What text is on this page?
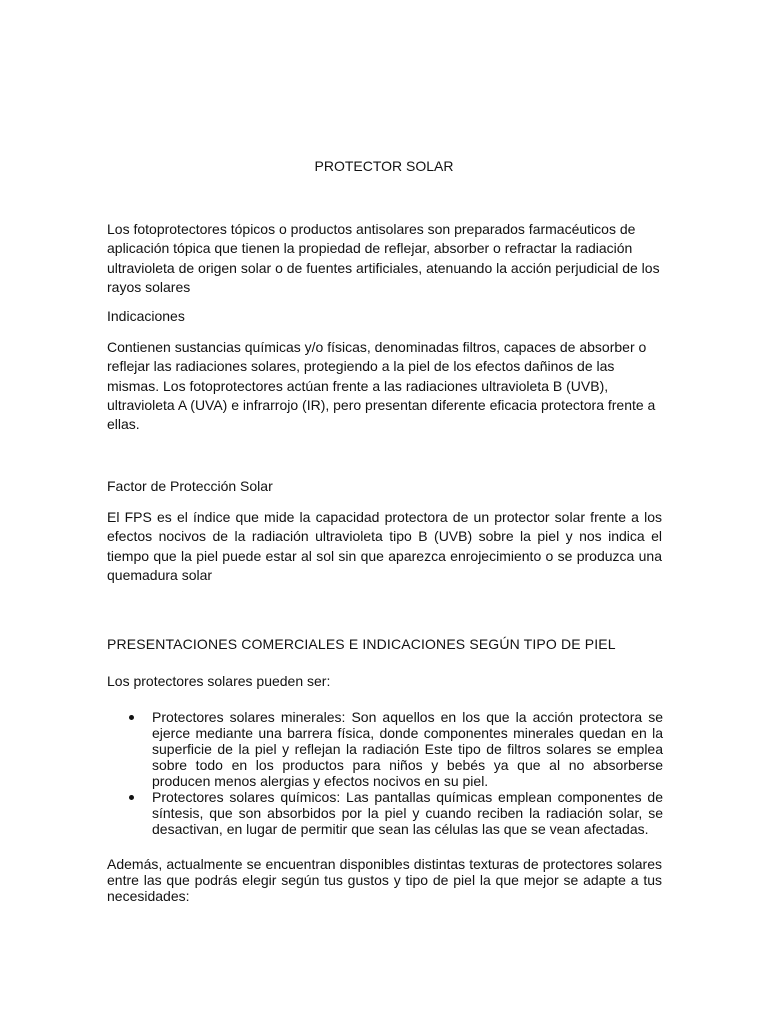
PROTECTOR SOLAR
Los fotoprotectores tópicos o productos antisolares son preparados farmacéuticos de aplicación tópica que tienen la propiedad de reflejar, absorber o refractar la radiación ultravioleta de origen solar o de fuentes artificiales, atenuando la acción perjudicial de los rayos solares
Indicaciones
Contienen sustancias químicas y/o físicas, denominadas filtros, capaces de absorber o reflejar las radiaciones solares, protegiendo a la piel de los efectos dañinos de las mismas. Los fotoprotectores actúan frente a las radiaciones ultravioleta B (UVB), ultravioleta A (UVA) e infrarrojo (IR), pero presentan diferente eficacia protectora frente a ellas.
Factor de Protección Solar
El FPS es el índice que mide la capacidad protectora de un protector solar frente a los efectos nocivos de la radiación ultravioleta tipo B (UVB) sobre la piel y nos indica el tiempo que la piel puede estar al sol sin que aparezca enrojecimiento o se produzca una quemadura solar
PRESENTACIONES COMERCIALES E INDICACIONES SEGÚN TIPO DE PIEL
Los protectores solares pueden ser:
Protectores solares minerales: Son aquellos en los que la acción protectora se ejerce mediante una barrera física, donde componentes minerales quedan en la superficie de la piel y reflejan la radiación Este tipo de filtros solares se emplea sobre todo en los productos para niños y bebés ya que al no absorberse producen menos alergias y efectos nocivos en su piel.
Protectores solares químicos: Las pantallas químicas emplean componentes de síntesis, que son absorbidos por la piel y cuando reciben la radiación solar, se desactivan, en lugar de permitir que sean las células las que se vean afectadas.
Además, actualmente se encuentran disponibles distintas texturas de protectores solares entre las que podrás elegir según tus gustos y tipo de piel la que mejor se adapte a tus necesidades:
